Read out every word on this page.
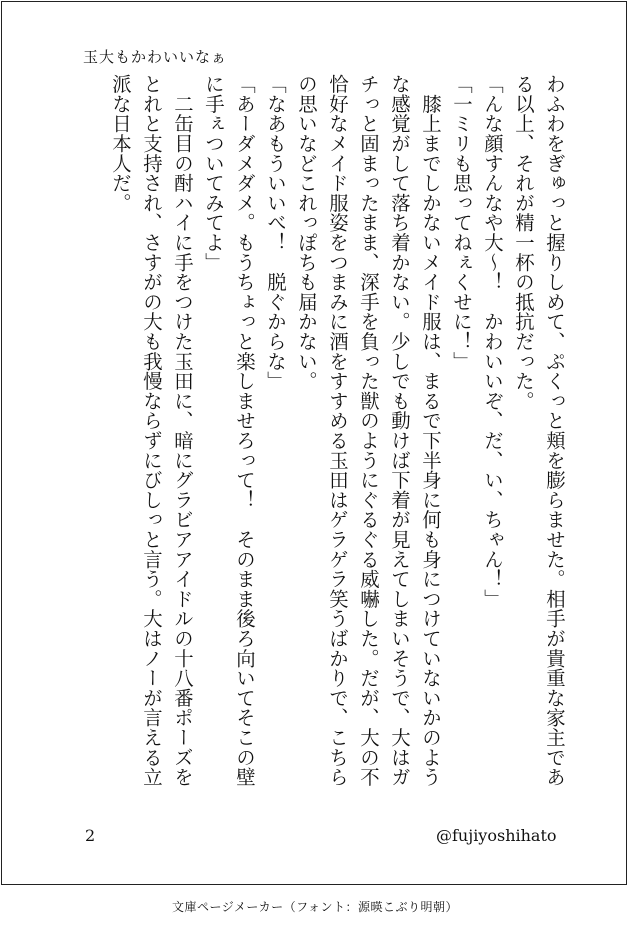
玉大もかわいいなぁ

わふわをぎゅっと握りしめて、ぷくっと頬を膨らませた。相手が貴重な家主であ

る以上、それが精一杯の抵抗だった。

「んな顔すんなや大～！　かわいいぞ、だ、い、ちゃん！」

「一ミリも思ってねぇくせに！」

　膝上までしかないメイド服は、まるで下半身に何も身につけていないかのよう

な感覚がして落ち着かない。少しでも動けば下着が見えてしまいそうで、大はガ

チっと固まったまま、深手を負った獣のようにぐるぐる威嚇した。だが、大の不

恰好なメイド服姿をつまみに酒をすすめる玉田はゲラゲラ笑うばかりで、こちら

の思いなどこれっぽちも届かない。

「なあもういいべ！　脱ぐからな」

「あーダメダメ。もうちょっと楽しませろって！　そのまま後ろ向いてそこの壁

に手ぇついてみてよ」

　二缶目の酎ハイに手をつけた玉田に、暗にグラビアアイドルの十八番ポーズを

とれと支持され、さすがの大も我慢ならずにびしっと言う。大はノーが言える立

派な日本人だ。

2	@fujiyoshihato
文庫ページメーカー（フォント：源暎こぶり明朝）
